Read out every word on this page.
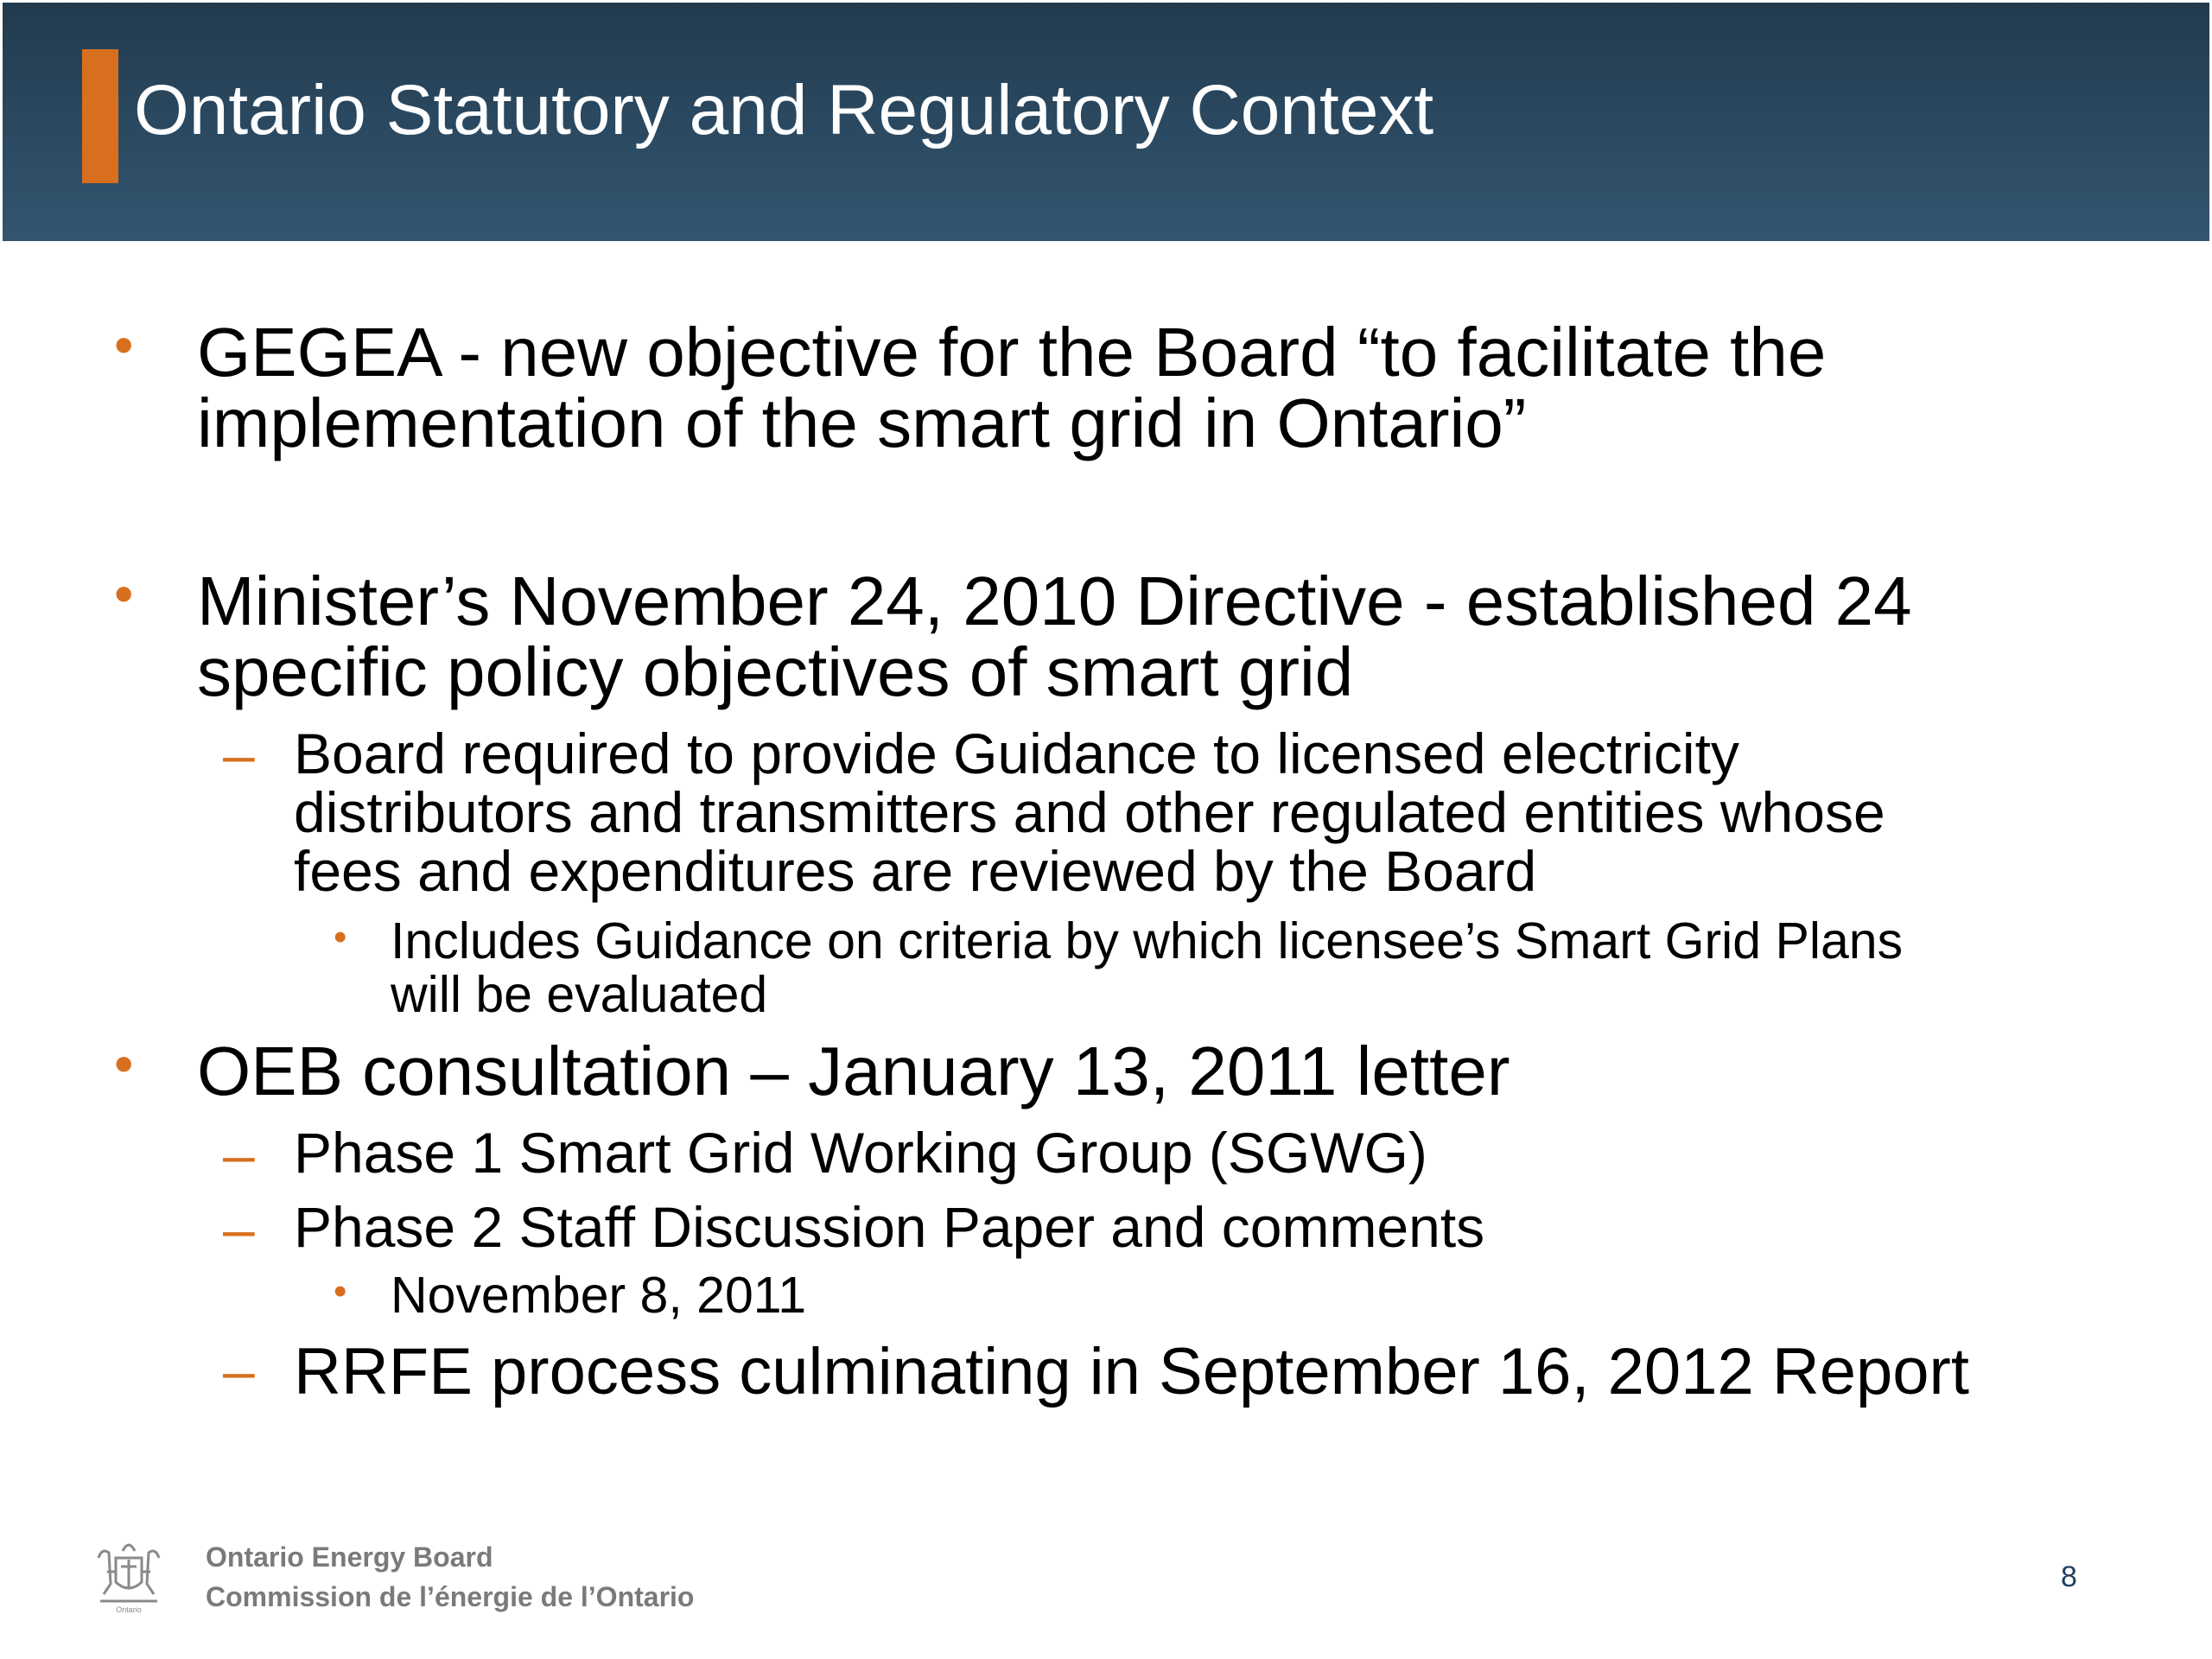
Ontario Statutory and Regulatory Context
• GEGEA - new objective for the Board “to facilitate the
implementation of the smart grid in Ontario”
• Minister’s November 24, 2010 Directive - established 24
specific policy objectives of smart grid
– Board required to provide Guidance to licensed electricity
distributors and transmitters and other regulated entities whose
fees and expenditures are reviewed by the Board
• Includes Guidance on criteria by which licensee’s Smart Grid Plans
will be evaluated
• OEB consultation – January 13, 2011 letter
– Phase 1 Smart Grid Working Group (SGWG)
– Phase 2 Staff Discussion Paper and comments
• November 8, 2011
– RRFE process culminating in September 16, 2012 Report
Ontario
Ontario Energy Board
Commission de l’énergie de l’Ontario
8
